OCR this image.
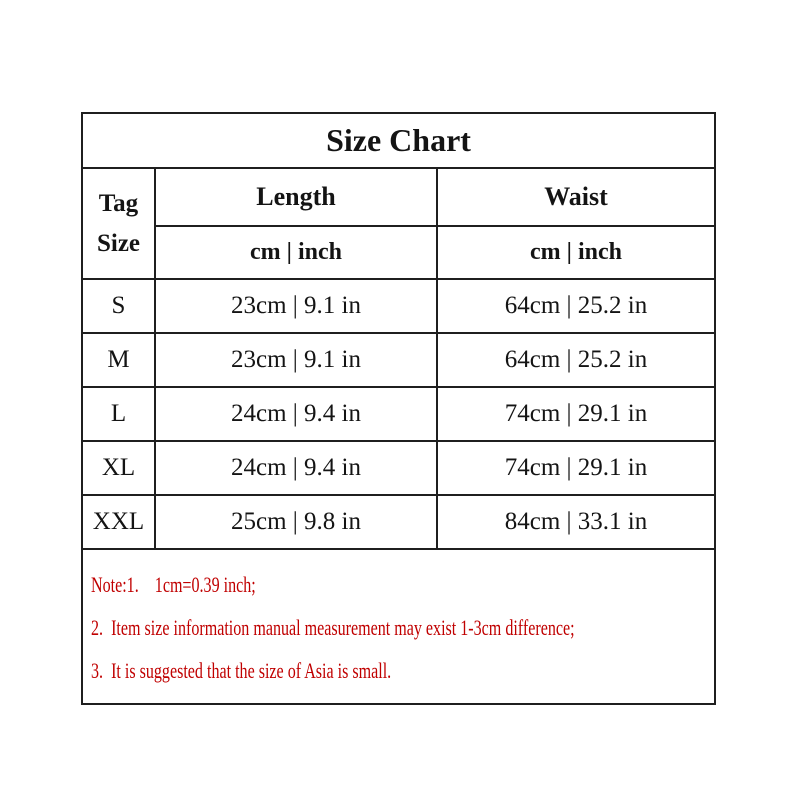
Size Chart
Tag
Size	Length	Waist
	cm | inch	cm | inch
S	23cm | 9.1 in	64cm | 25.2 in
M	23cm | 9.1 in	64cm | 25.2 in
L	24cm | 9.4 in	74cm | 29.1 in
XL	24cm | 9.4 in	74cm | 29.1 in
XXL	25cm | 9.8 in	84cm | 33.1 in
Note:1.    1cm=0.39 inch;
2.  Item size information manual measurement may exist 1-3cm difference;
3.  It is suggested that the size of Asia is small.
